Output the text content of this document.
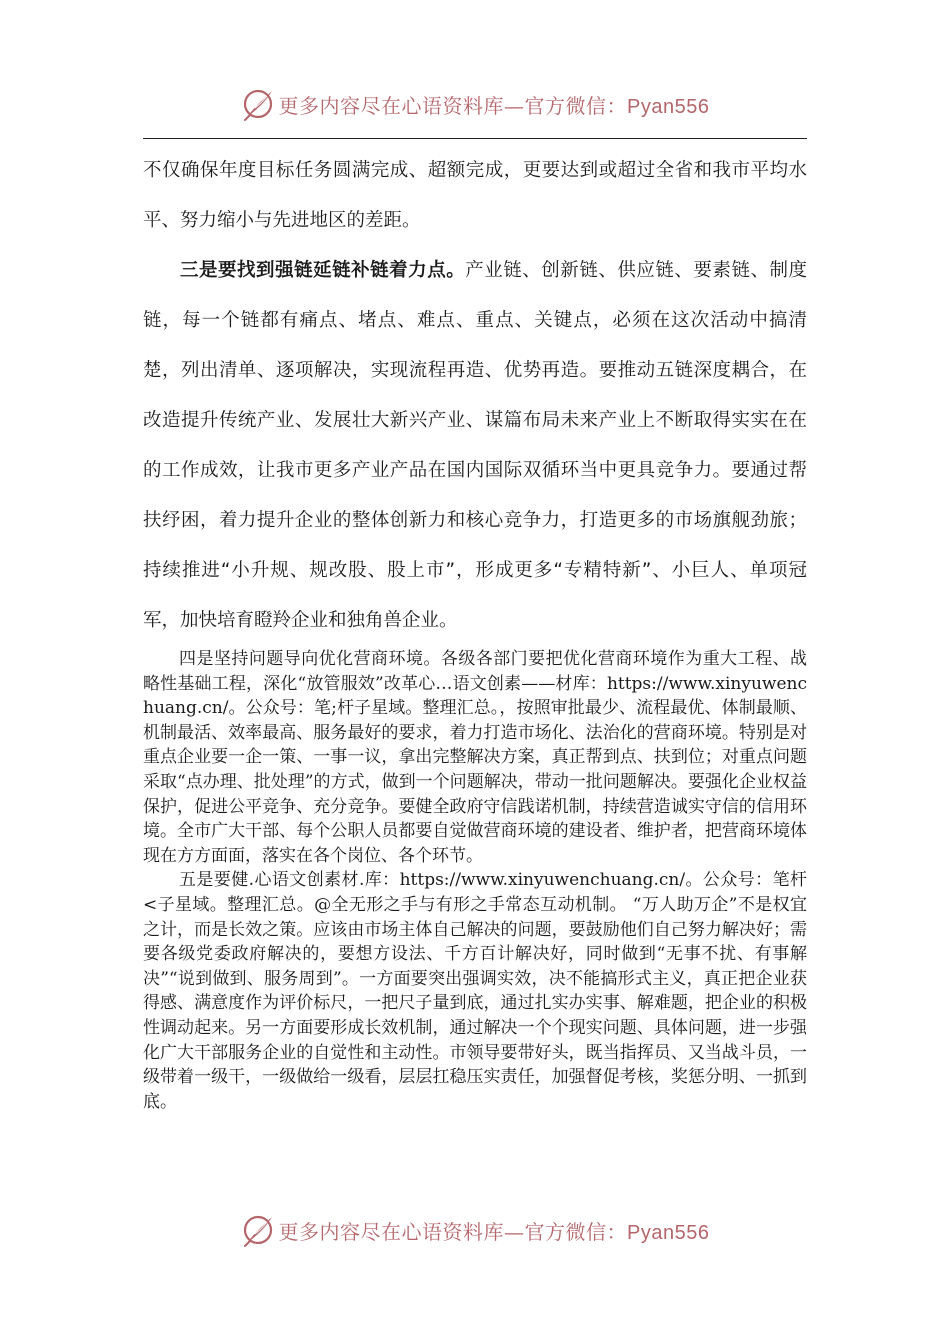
更多内容尽在心语资料库—官方微信：Pyan556

不仅确保年度目标任务圆满完成、超额完成，更要达到或超过全省和我市平均水平、努力缩小与先进地区的差距。

三是要找到强链延链补链着力点。产业链、创新链、供应链、要素链、制度链，每一个链都有痛点、堵点、难点、重点、关键点，必须在这次活动中搞清楚，列出清单、逐项解决，实现流程再造、优势再造。要推动五链深度耦合，在改造提升传统产业、发展壮大新兴产业、谋篇布局未来产业上不断取得实实在在的工作成效，让我市更多产业产品在国内国际双循环当中更具竞争力。要通过帮扶纾困，着力提升企业的整体创新力和核心竞争力，打造更多的市场旗舰劲旅；持续推进“小升规、规改股、股上市”，形成更多“专精特新”、小巨人、单项冠军，加快培育瞪羚企业和独角兽企业。

四是坚持问题导向优化营商环境。各级各部门要把优化营商环境作为重大工程、战略性基础工程，深化“放管服效”改革心…语文创素——材库：https://www.xinyuwenchuang.cn/。公众号：笔;杆子星域。整理汇总。，按照审批最少、流程最优、体制最顺、机制最活、效率最高、服务最好的要求，着力打造市场化、法治化的营商环境。特别是对重点企业要一企一策、一事一议，拿出完整解决方案，真正帮到点、扶到位；对重点问题采取“点办理、批处理”的方式，做到一个问题解决，带动一批问题解决。要强化企业权益保护，促进公平竞争、充分竞争。要健全政府守信践诺机制，持续营造诚实守信的信用环境。全市广大干部、每个公职人员都要自觉做营商环境的建设者、维护者，把营商环境体现在方方面面，落实在各个岗位、各个环节。

五是要健.心语文创素材.库：https://www.xinyuwenchuang.cn/。公众号：笔杆<子星域。整理汇总。@全无形之手与有形之手常态互动机制。 “万人助万企”不是权宜之计，而是长效之策。应该由市场主体自己解决的问题，要鼓励他们自己努力解决好；需要各级党委政府解决的，要想方设法、千方百计解决好，同时做到“无事不扰、有事解决”“说到做到、服务周到”。一方面要突出强调实效，决不能搞形式主义，真正把企业获得感、满意度作为评价标尺，一把尺子量到底，通过扎实办实事、解难题，把企业的积极性调动起来。另一方面要形成长效机制，通过解决一个个现实问题、具体问题，进一步强化广大干部服务企业的自觉性和主动性。市领导要带好头，既当指挥员、又当战斗员，一级带着一级干，一级做给一级看，层层扛稳压实责任，加强督促考核，奖惩分明、一抓到底。

更多内容尽在心语资料库—官方微信：Pyan556
